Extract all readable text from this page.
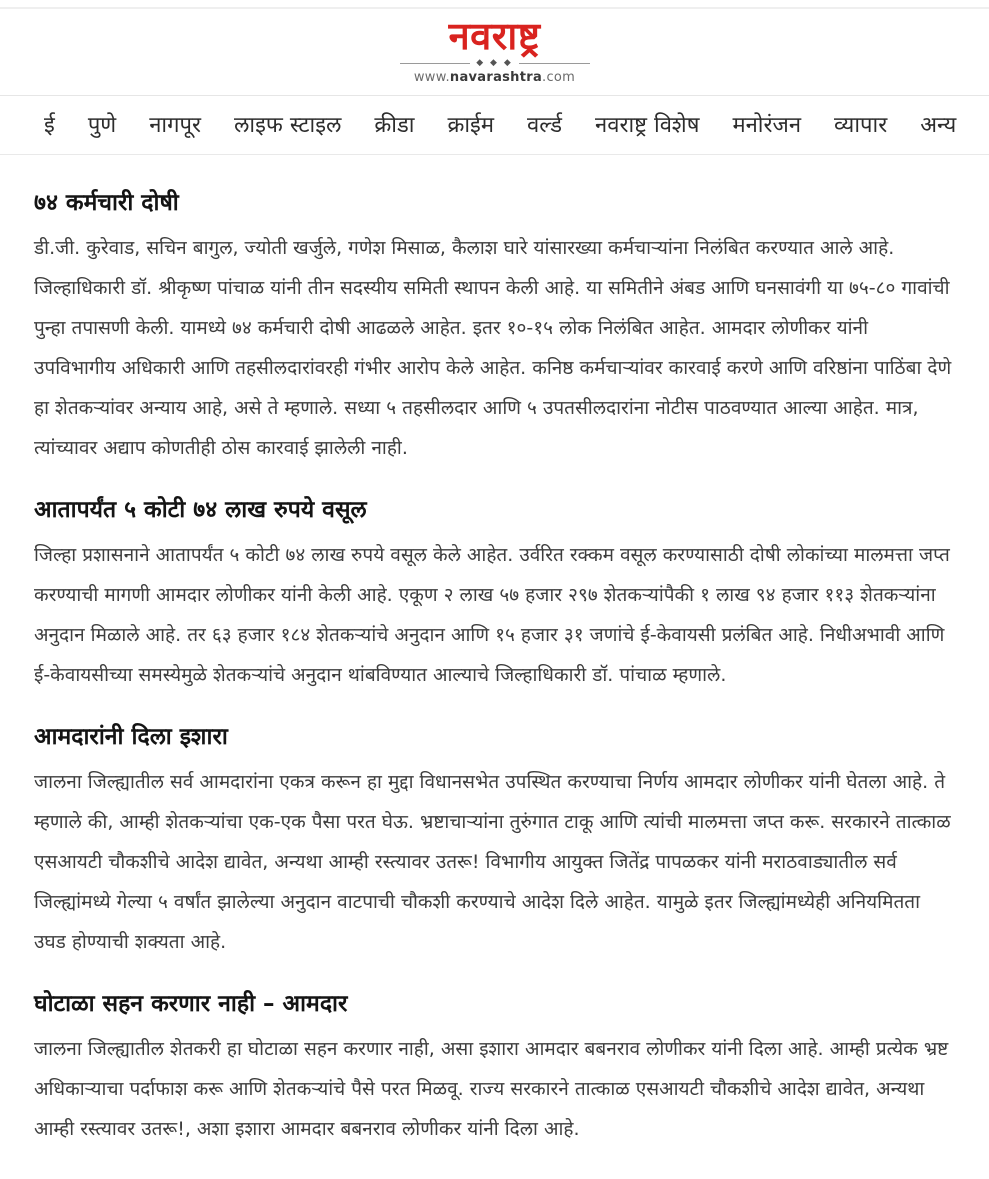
नवराष्ट्र
◆ ◆ ◆
www.navarashtra.com
ई पुणे नागपूर लाइफ स्टाइल क्रीडा क्राईम वर्ल्ड नवराष्ट्र विशेष मनोरंजन व्यापार अन्य
७४ कर्मचारी दोषी

डी.जी. कुरेवाड, सचिन बागुल, ज्योती खर्जुले, गणेश मिसाळ, कैलाश घारे यांसारख्या कर्मचाऱ्यांना निलंबित करण्यात आले आहे. जिल्हाधिकारी डॉ. श्रीकृष्ण पांचाळ यांनी तीन सदस्यीय समिती स्थापन केली आहे. या समितीने अंबड आणि घनसावंगी या ७५-८० गावांची पुन्हा तपासणी केली. यामध्ये ७४ कर्मचारी दोषी आढळले आहेत. इतर १०-१५ लोक निलंबित आहेत. आमदार लोणीकर यांनी उपविभागीय अधिकारी आणि तहसीलदारांवरही गंभीर आरोप केले आहेत. कनिष्ठ कर्मचाऱ्यांवर कारवाई करणे आणि वरिष्ठांना पाठिंबा देणे हा शेतकऱ्यांवर अन्याय आहे, असे ते म्हणाले. सध्या ५ तहसीलदार आणि ५ उपतसीलदारांना नोटीस पाठवण्यात आल्या आहेत. मात्र, त्यांच्यावर अद्याप कोणतीही ठोस कारवाई झालेली नाही.

आतापर्यंत ५ कोटी ७४ लाख रुपये वसूल

जिल्हा प्रशासनाने आतापर्यंत ५ कोटी ७४ लाख रुपये वसूल केले आहेत. उर्वरित रक्कम वसूल करण्यासाठी दोषी लोकांच्या मालमत्ता जप्त करण्याची मागणी आमदार लोणीकर यांनी केली आहे. एकूण २ लाख ५७ हजार २९७ शेतकऱ्यांपैकी १ लाख ९४ हजार ११३ शेतकऱ्यांना अनुदान मिळाले आहे. तर ६३ हजार १८४ शेतकऱ्यांचे अनुदान आणि १५ हजार ३१ जणांचे ई-केवायसी प्रलंबित आहे. निधीअभावी आणि ई-केवायसीच्या समस्येमुळे शेतकऱ्यांचे अनुदान थांबविण्यात आल्याचे जिल्हाधिकारी डॉ. पांचाळ म्हणाले.

आमदारांनी दिला इशारा

जालना जिल्ह्यातील सर्व आमदारांना एकत्र करून हा मुद्दा विधानसभेत उपस्थित करण्याचा निर्णय आमदार लोणीकर यांनी घेतला आहे. ते म्हणाले की, आम्ही शेतकऱ्यांचा एक-एक पैसा परत घेऊ. भ्रष्टाचाऱ्यांना तुरुंगात टाकू आणि त्यांची मालमत्ता जप्त करू. सरकारने तात्काळ एसआयटी चौकशीचे आदेश द्यावेत, अन्यथा आम्ही रस्त्यावर उतरू! विभागीय आयुक्त जितेंद्र पापळकर यांनी मराठवाड्यातील सर्व जिल्ह्यांमध्ये गेल्या ५ वर्षांत झालेल्या अनुदान वाटपाची चौकशी करण्याचे आदेश दिले आहेत. यामुळे इतर जिल्ह्यांमध्येही अनियमितता उघड होण्याची शक्यता आहे.

घोटाळा सहन करणार नाही – आमदार

जालना जिल्ह्यातील शेतकरी हा घोटाळा सहन करणार नाही, असा इशारा आमदार बबनराव लोणीकर यांनी दिला आहे. आम्ही प्रत्येक भ्रष्ट अधिकाऱ्याचा पर्दाफाश करू आणि शेतकऱ्यांचे पैसे परत मिळवू. राज्य सरकारने तात्काळ एसआयटी चौकशीचे आदेश द्यावेत, अन्यथा आम्ही रस्त्यावर उतरू!, अशा इशारा आमदार बबनराव लोणीकर यांनी दिला आहे.
